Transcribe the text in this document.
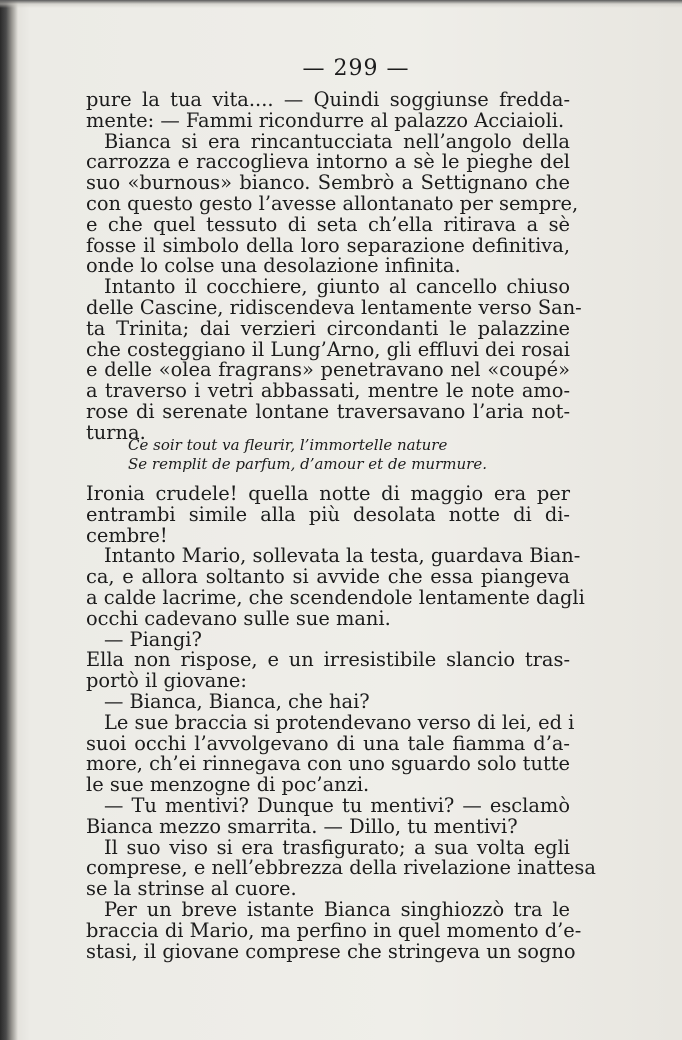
— 299 —
pure la tua vita.... — Quindi soggiunse fredda-
mente: — Fammi ricondurre al palazzo Acciaioli.
Bianca si era rincantucciata nell’angolo della
carrozza e raccoglieva intorno a sè le pieghe del
suo «burnous» bianco. Sembrò a Settignano che
con questo gesto l’avesse allontanato per sempre,
e che quel tessuto di seta ch’ella ritirava a sè
fosse il simbolo della loro separazione definitiva,
onde lo colse una desolazione infinita.
Intanto il cocchiere, giunto al cancello chiuso
delle Cascine, ridiscendeva lentamente verso San-
ta Trinita; dai verzieri circondanti le palazzine
che costeggiano il Lung’Arno, gli effluvi dei rosai
e delle «olea fragrans» penetravano nel «coupé»
a traverso i vetri abbassati, mentre le note amo-
rose di serenate lontane traversavano l’aria not-
turna.
Ce soir tout va fleurir, l’immortelle nature
Se remplit de parfum, d’amour et de murmure.
Ironia crudele! quella notte di maggio era per
entrambi simile alla più desolata notte di di-
cembre!
Intanto Mario, sollevata la testa, guardava Bian-
ca, e allora soltanto si avvide che essa piangeva
a calde lacrime, che scendendole lentamente dagli
occhi cadevano sulle sue mani.
— Piangi?
Ella non rispose, e un irresistibile slancio tras-
portò il giovane:
— Bianca, Bianca, che hai?
Le sue braccia si protendevano verso di lei, ed i
suoi occhi l’avvolgevano di una tale fiamma d’a-
more, ch’ei rinnegava con uno sguardo solo tutte
le sue menzogne di poc’anzi.
— Tu mentivi? Dunque tu mentivi? — esclamò
Bianca mezzo smarrita. — Dillo, tu mentivi?
Il suo viso si era trasfigurato; a sua volta egli
comprese, e nell’ebbrezza della rivelazione inattesa
se la strinse al cuore.
Per un breve istante Bianca singhiozzò tra le
braccia di Mario, ma perfino in quel momento d’e-
stasi, il giovane comprese che stringeva un sogno
